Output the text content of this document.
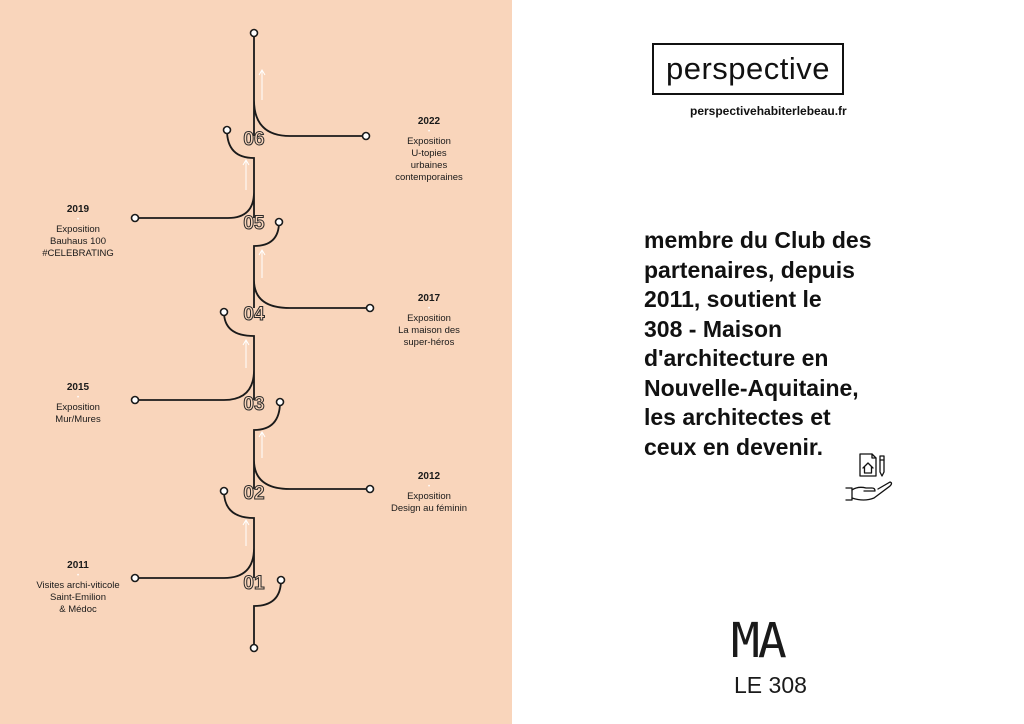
01
02
03
04
05
06
2011
•
Visites archi-viticole
Saint-Emilion
& Médoc
2012
•
Exposition
Design au féminin
2015
•
Exposition
Mur/Mures
2017
•
Exposition
La maison des
super-héros
2019
•
Exposition
Bauhaus 100
#CELEBRATING
2022
•
Exposition
U-topies
urbaines
contemporaines
perspective
perspectivehabiterlebeau.fr
membre du Club des
partenaires, depuis
2011, soutient le
308 - Maison
d'architecture en
Nouvelle-Aquitaine,
les architectes et
ceux en devenir.
MA
LE 308
